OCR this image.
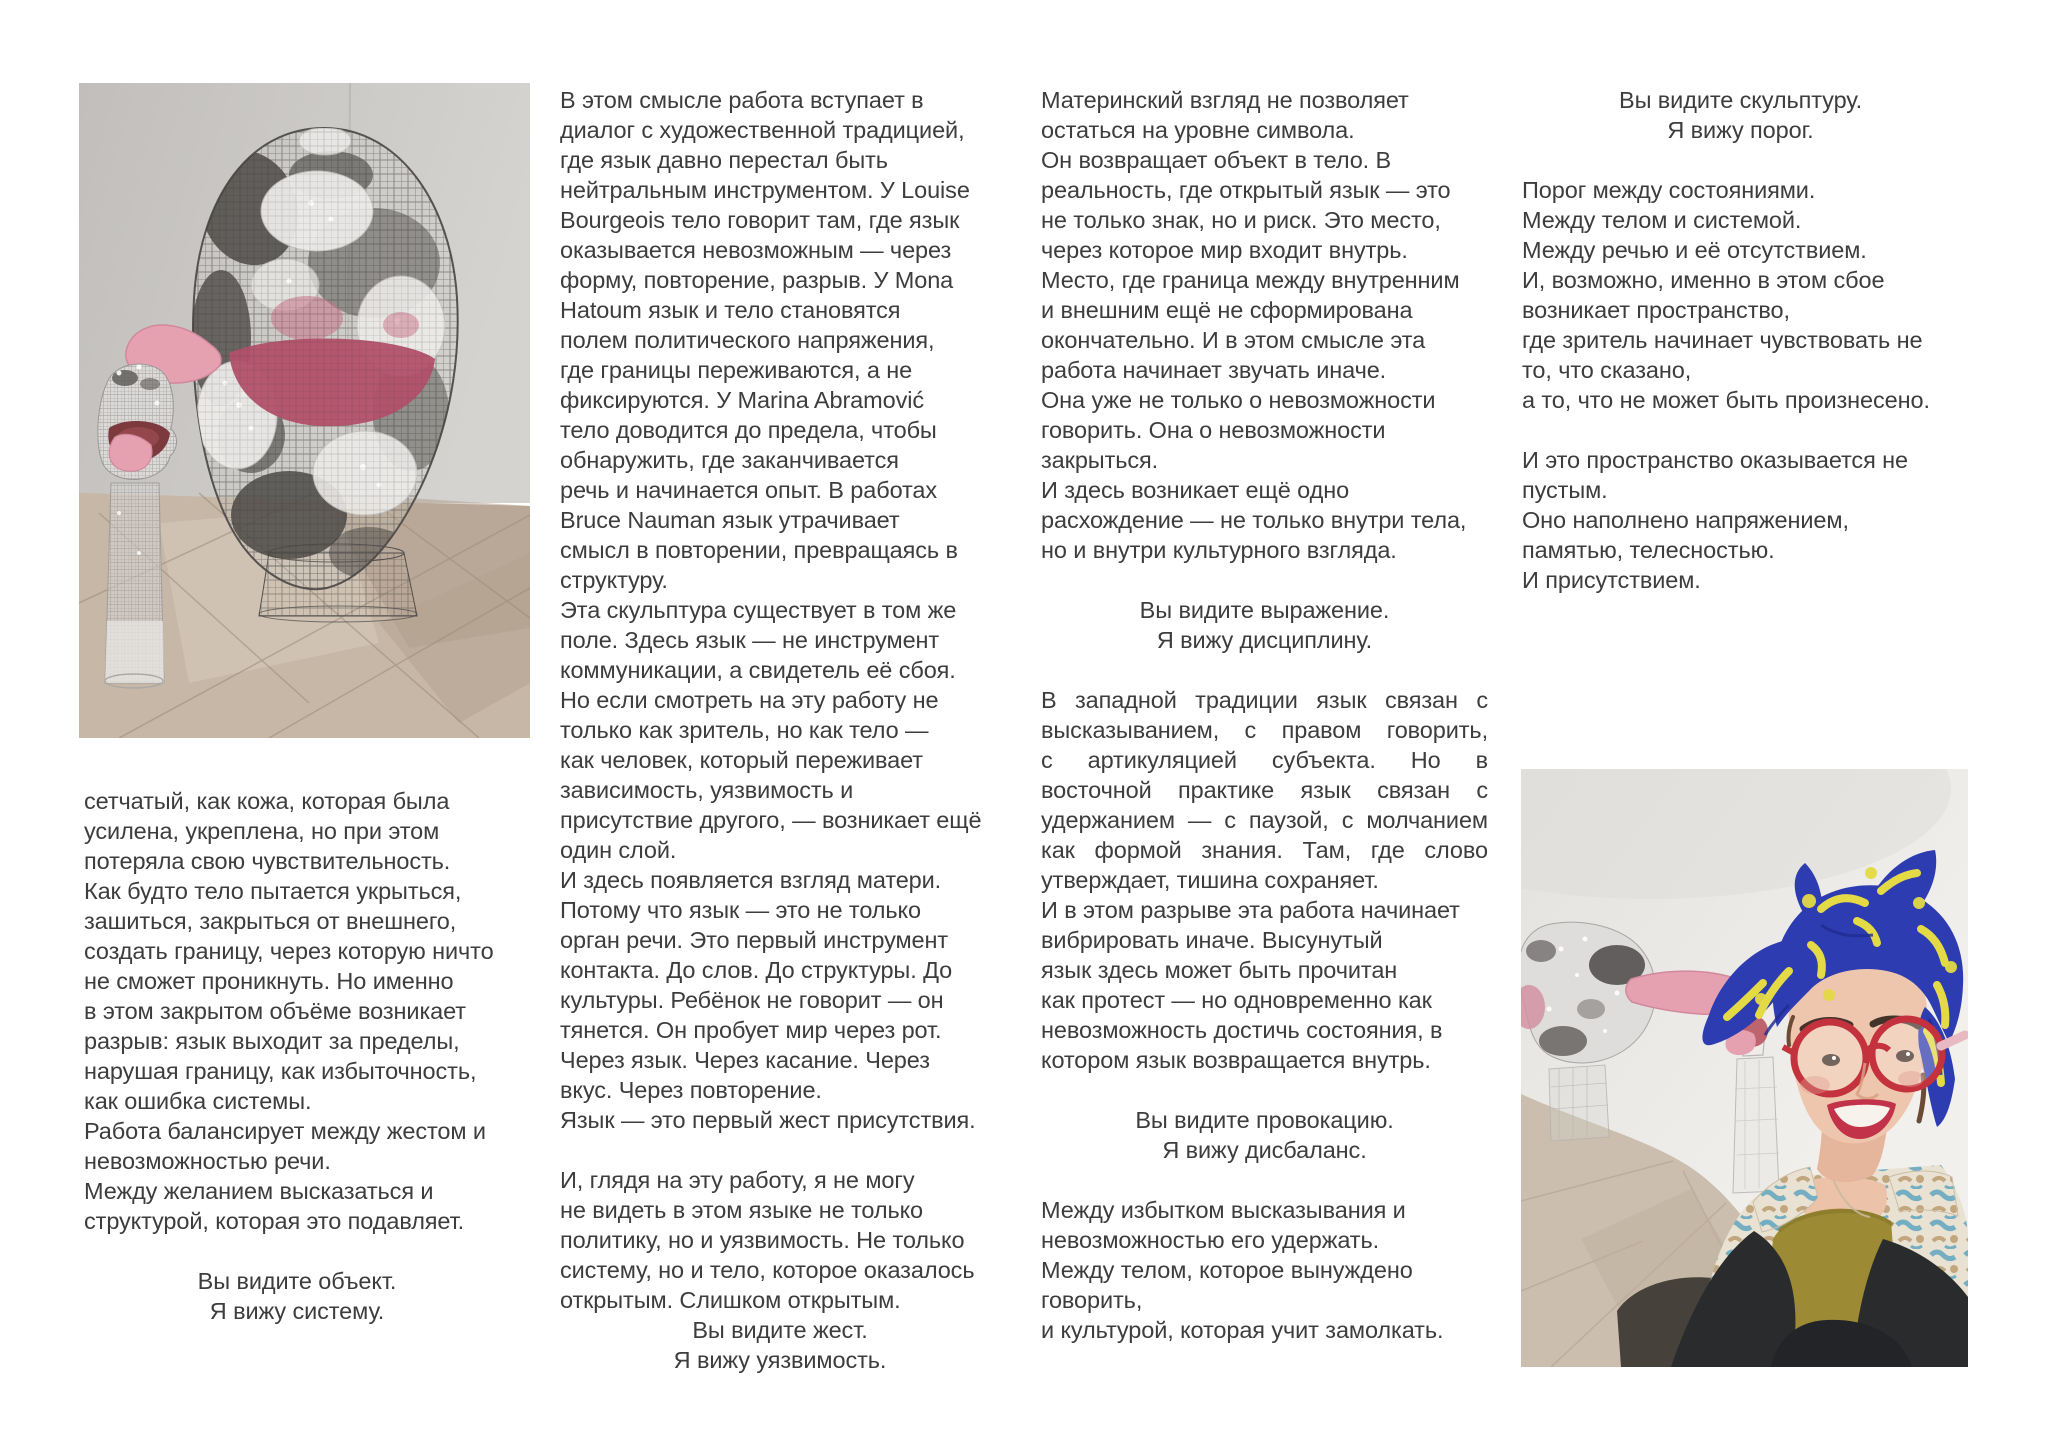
сетчатый, как кожа, которая была
усилена, укреплена, но при этом
потеряла свою чувствительность.
Как будто тело пытается укрыться,
зашиться, закрыться от внешнего,
создать границу, через которую ничто
не сможет проникнуть. Но именно
в этом закрытом объёме возникает
разрыв: язык выходит за пределы,
нарушая границу, как избыточность,
как ошибка системы.
Работа балансирует между жестом и
невозможностью речи.
Между желанием высказаться и
структурой, которая это подавляет.
Вы видите объект.
Я вижу систему.
В этом смысле работа вступает в
диалог с художественной традицией,
где язык давно перестал быть
нейтральным инструментом. У Louise
Bourgeois тело говорит там, где язык
оказывается невозможным — через
форму, повторение, разрыв. У Mona
Hatoum язык и тело становятся
полем политического напряжения,
где границы переживаются, а не
фиксируются. У Marina Abramović
тело доводится до предела, чтобы
обнаружить, где заканчивается
речь и начинается опыт. В работах
Bruce Nauman язык утрачивает
смысл в повторении, превращаясь в
структуру.
Эта скульптура существует в том же
поле. Здесь язык — не инструмент
коммуникации, а свидетель её сбоя.
Но если смотреть на эту работу не
только как зритель, но как тело —
как человек, который переживает
зависимость, уязвимость и
присутствие другого, — возникает ещё
один слой.
И здесь появляется взгляд матери.
Потому что язык — это не только
орган речи. Это первый инструмент
контакта. До слов. До структуры. До
культуры. Ребёнок не говорит — он
тянется. Он пробует мир через рот.
Через язык. Через касание. Через
вкус. Через повторение.
Язык — это первый жест присутствия.
И, глядя на эту работу, я не могу
не видеть в этом языке не только
политику, но и уязвимость. Не только
систему, но и тело, которое оказалось
открытым. Слишком открытым.
Вы видите жест.
Я вижу уязвимость.
Материнский взгляд не позволяет
остаться на уровне символа.
Он возвращает объект в тело. В
реальность, где открытый язык — это
не только знак, но и риск. Это место,
через которое мир входит внутрь.
Место, где граница между внутренним
и внешним ещё не сформирована
окончательно. И в этом смысле эта
работа начинает звучать иначе.
Она уже не только о невозможности
говорить. Она о невозможности
закрыться.
И здесь возникает ещё одно
расхождение — не только внутри тела,
но и внутри культурного взгляда.
Вы видите выражение.
Я вижу дисциплину.
В западной традиции язык связан с
высказыванием, с правом говорить,
с артикуляцией субъекта. Но в
восточной практике язык связан с
удержанием — с паузой, с молчанием
как формой знания. Там, где слово
утверждает, тишина сохраняет.
И в этом разрыве эта работа начинает
вибрировать иначе. Высунутый
язык здесь может быть прочитан
как протест — но одновременно как
невозможность достичь состояния, в
котором язык возвращается внутрь.
Вы видите провокацию.
Я вижу дисбаланс.
Между избытком высказывания и
невозможностью его удержать.
Между телом, которое вынуждено
говорить,
и культурой, которая учит замолкать.
Вы видите скульптуру.
Я вижу порог.
Порог между состояниями.
Между телом и системой.
Между речью и её отсутствием.
И, возможно, именно в этом сбое
возникает пространство,
где зритель начинает чувствовать не
то, что сказано,
а то, что не может быть произнесено.
И это пространство оказывается не
пустым.
Оно наполнено напряжением,
памятью, телесностью.
И присутствием.
